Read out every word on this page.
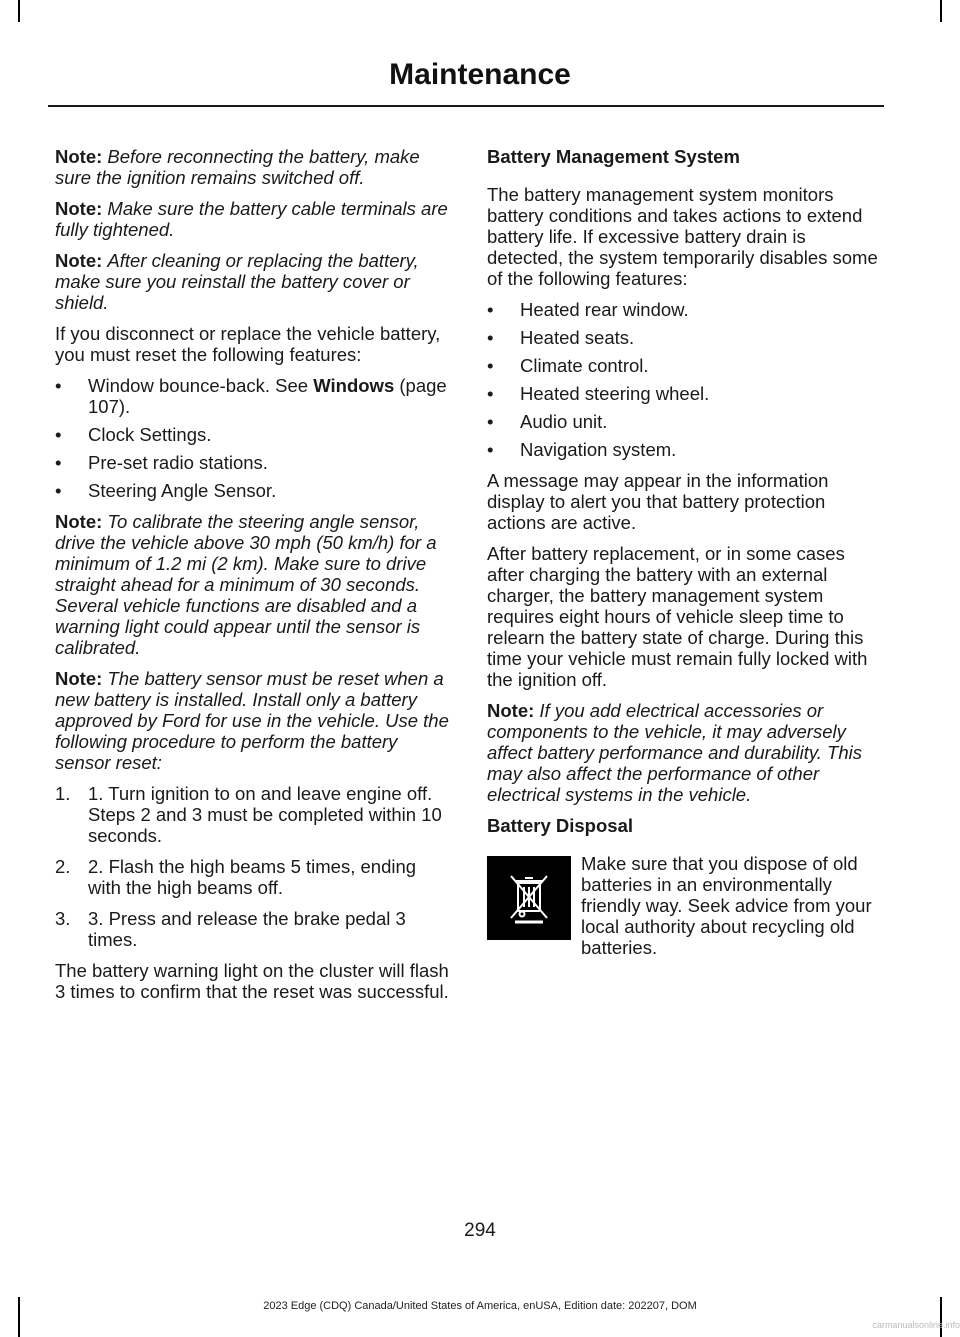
Maintenance

Note: Before reconnecting the battery, make sure the ignition remains switched off.

Note: Make sure the battery cable terminals are fully tightened.

Note: After cleaning or replacing the battery, make sure you reinstall the battery cover or shield.

If you disconnect or replace the vehicle battery, you must reset the following features:

• Window bounce-back. See Windows (page 107).
• Clock Settings.
• Pre-set radio stations.
• Steering Angle Sensor.

Note: To calibrate the steering angle sensor, drive the vehicle above 30 mph (50 km/h) for a minimum of 1.2 mi (2 km). Make sure to drive straight ahead for a minimum of 30 seconds. Several vehicle functions are disabled and a warning light could appear until the sensor is calibrated.

Note: The battery sensor must be reset when a new battery is installed. Install only a battery approved by Ford for use in the vehicle. Use the following procedure to perform the battery sensor reset:

1. 1. Turn ignition to on and leave engine off. Steps 2 and 3 must be completed within 10 seconds.
2. 2. Flash the high beams 5 times, ending with the high beams off.
3. 3. Press and release the brake pedal 3 times.

The battery warning light on the cluster will flash 3 times to confirm that the reset was successful.

Battery Management System

The battery management system monitors battery conditions and takes actions to extend battery life. If excessive battery drain is detected, the system temporarily disables some of the following features:

• Heated rear window.
• Heated seats.
• Climate control.
• Heated steering wheel.
• Audio unit.
• Navigation system.

A message may appear in the information display to alert you that battery protection actions are active.

After battery replacement, or in some cases after charging the battery with an external charger, the battery management system requires eight hours of vehicle sleep time to relearn the battery state of charge. During this time your vehicle must remain fully locked with the ignition off.

Note: If you add electrical accessories or components to the vehicle, it may adversely affect battery performance and durability. This may also affect the performance of other electrical systems in the vehicle.

Battery Disposal

Make sure that you dispose of old batteries in an environmentally friendly way. Seek advice from your local authority about recycling old batteries.

294
2023 Edge (CDQ) Canada/United States of America, enUSA, Edition date: 202207, DOM
carmanualsonline.info
